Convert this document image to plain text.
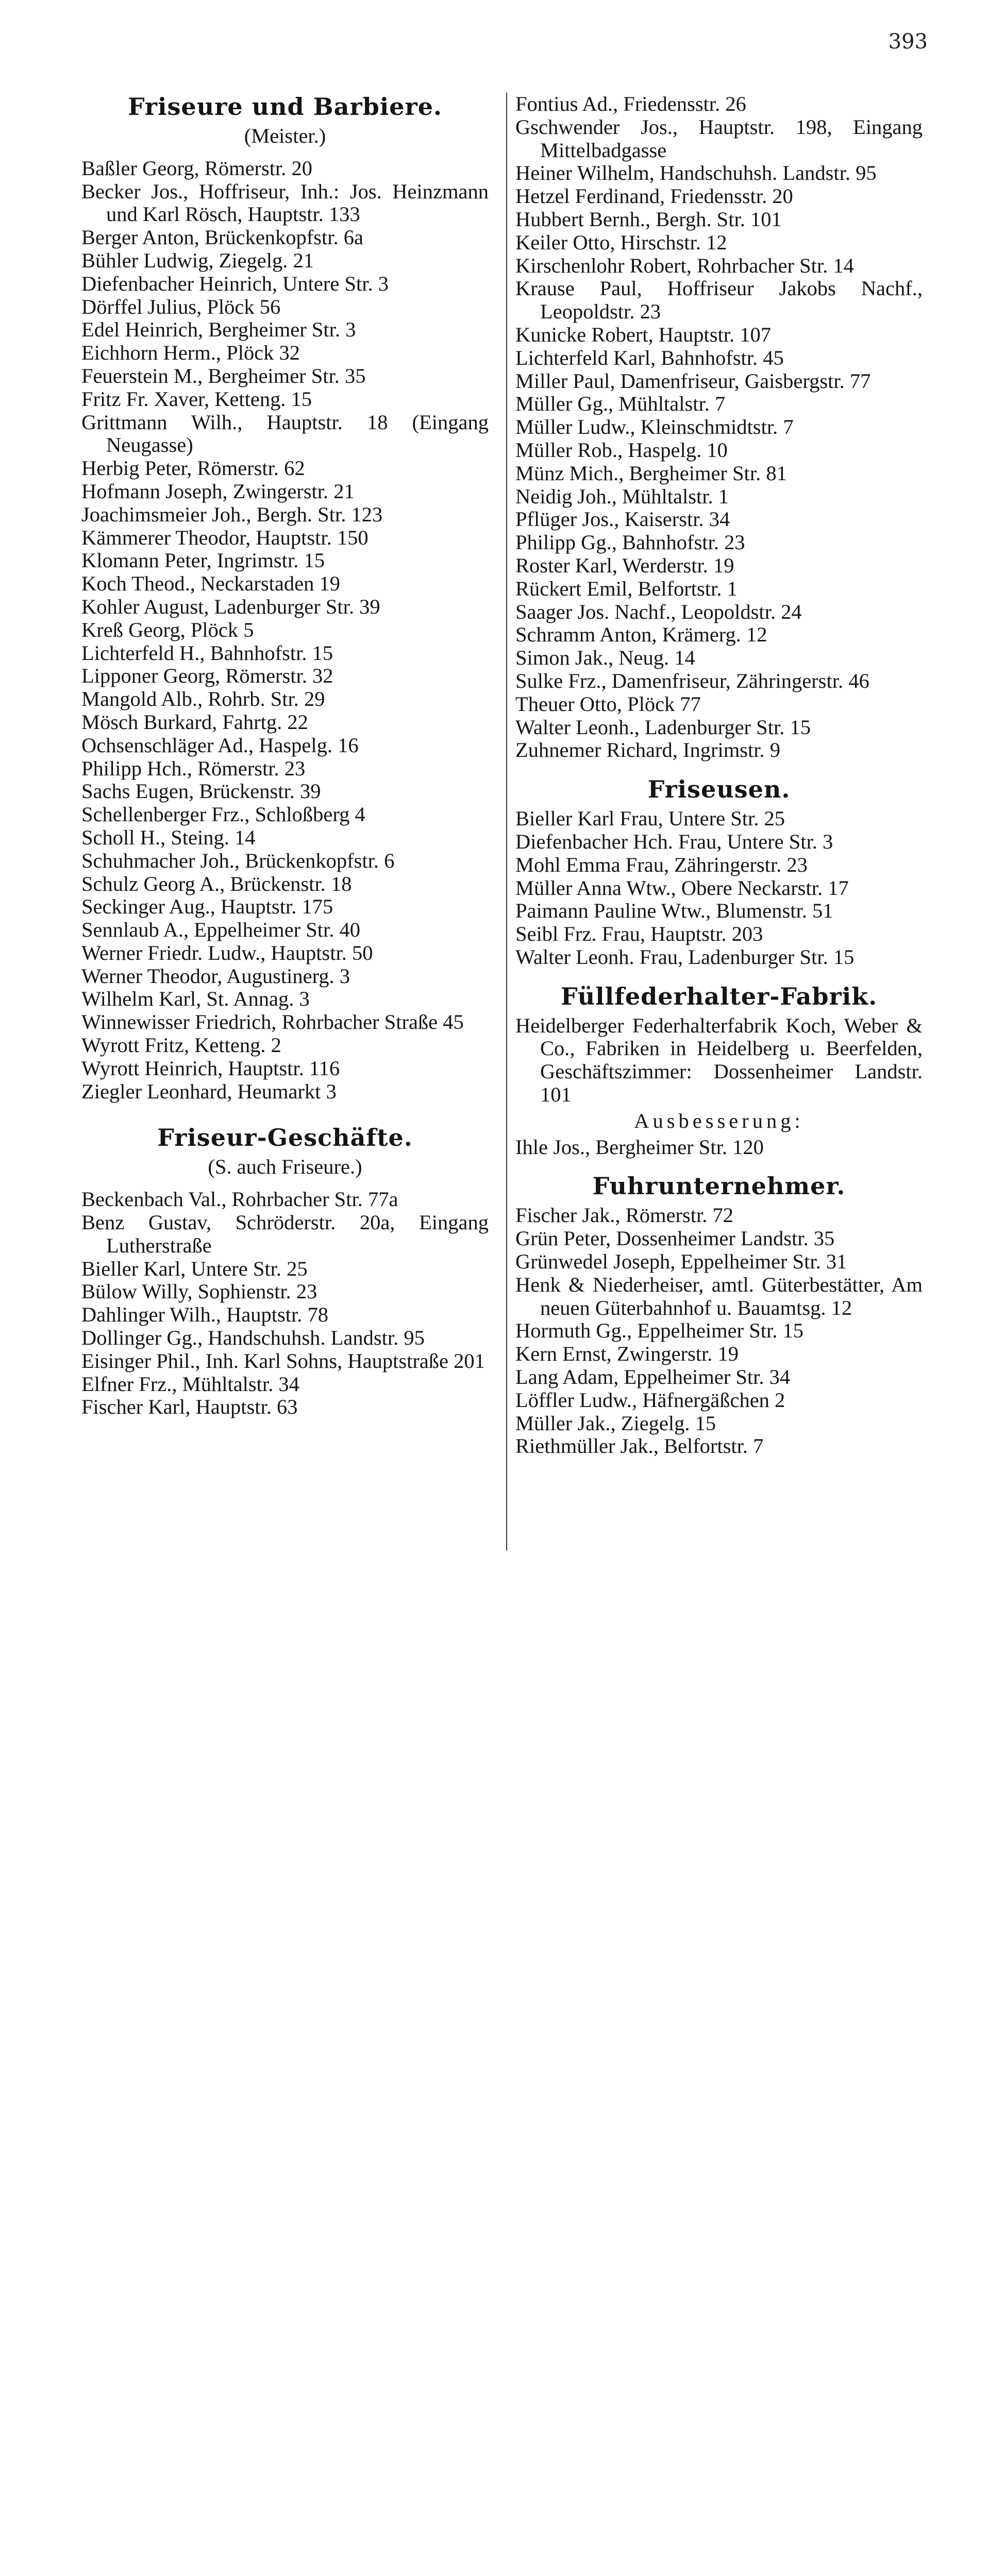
393
Friseure und Barbiere.
(Meister.)
Baßler Georg, Römerstr. 20
Becker Jos., Hoffriseur, Inh.: Jos. Heinzmann und Karl Rösch, Hauptstr. 133
Berger Anton, Brückenkopfstr. 6a
Bühler Ludwig, Ziegelg. 21
Diefenbacher Heinrich, Untere Str. 3
Dörffel Julius, Plöck 56
Edel Heinrich, Bergheimer Str. 3
Eichhorn Herm., Plöck 32
Feuerstein M., Bergheimer Str. 35
Fritz Fr. Xaver, Ketteng. 15
Grittmann Wilh., Hauptstr. 18 (Eingang Neugasse)
Herbig Peter, Römerstr. 62
Hofmann Joseph, Zwingerstr. 21
Joachimsmeier Joh., Bergh. Str. 123
Kämmerer Theodor, Hauptstr. 150
Klomann Peter, Ingrimstr. 15
Koch Theod., Neckarstaden 19
Kohler August, Ladenburger Str. 39
Kreß Georg, Plöck 5
Lichterfeld H., Bahnhofstr. 15
Lipponer Georg, Römerstr. 32
Mangold Alb., Rohrb. Str. 29
Mösch Burkard, Fahrtg. 22
Ochsenschläger Ad., Haspelg. 16
Philipp Hch., Römerstr. 23
Sachs Eugen, Brückenstr. 39
Schellenberger Frz., Schloßberg 4
Scholl H., Steing. 14
Schuhmacher Joh., Brückenkopfstr. 6
Schulz Georg A., Brückenstr. 18
Seckinger Aug., Hauptstr. 175
Sennlaub A., Eppelheimer Str. 40
Werner Friedr. Ludw., Hauptstr. 50
Werner Theodor, Augustinerg. 3
Wilhelm Karl, St. Annag. 3
Winnewisser Friedrich, Rohrbacher Straße 45
Wyrott Fritz, Ketteng. 2
Wyrott Heinrich, Hauptstr. 116
Ziegler Leonhard, Heumarkt 3
Friseur-Geschäfte.
(S. auch Friseure.)
Beckenbach Val., Rohrbacher Str. 77a
Benz Gustav, Schröderstr. 20a, Eingang Lutherstraße
Bieller Karl, Untere Str. 25
Bülow Willy, Sophienstr. 23
Dahlinger Wilh., Hauptstr. 78
Dollinger Gg., Handschuhsh. Landstr. 95
Eisinger Phil., Inh. Karl Sohns, Hauptstraße 201
Elfner Frz., Mühltalstr. 34
Fischer Karl, Hauptstr. 63
Fontius Ad., Friedensstr. 26
Gschwender Jos., Hauptstr. 198, Eingang Mittelbadgasse
Heiner Wilhelm, Handschuhsh. Landstr. 95
Hetzel Ferdinand, Friedensstr. 20
Hubbert Bernh., Bergh. Str. 101
Keiler Otto, Hirschstr. 12
Kirschenlohr Robert, Rohrbacher Str. 14
Krause Paul, Hoffriseur Jakobs Nachf., Leopoldstr. 23
Kunicke Robert, Hauptstr. 107
Lichterfeld Karl, Bahnhofstr. 45
Miller Paul, Damenfriseur, Gaisbergstr. 77
Müller Gg., Mühltalstr. 7
Müller Ludw., Kleinschmidtstr. 7
Müller Rob., Haspelg. 10
Münz Mich., Bergheimer Str. 81
Neidig Joh., Mühltalstr. 1
Pflüger Jos., Kaiserstr. 34
Philipp Gg., Bahnhofstr. 23
Roster Karl, Werderstr. 19
Rückert Emil, Belfortstr. 1
Saager Jos. Nachf., Leopoldstr. 24
Schramm Anton, Krämerg. 12
Simon Jak., Neug. 14
Sulke Frz., Damenfriseur, Zähringerstr. 46
Theuer Otto, Plöck 77
Walter Leonh., Ladenburger Str. 15
Zuhnemer Richard, Ingrimstr. 9
Friseusen.
Bieller Karl Frau, Untere Str. 25
Diefenbacher Hch. Frau, Untere Str. 3
Mohl Emma Frau, Zähringerstr. 23
Müller Anna Wtw., Obere Neckarstr. 17
Paimann Pauline Wtw., Blumenstr. 51
Seibl Frz. Frau, Hauptstr. 203
Walter Leonh. Frau, Ladenburger Str. 15
Füllfederhalter-Fabrik.
Heidelberger Federhalterfabrik Koch, Weber & Co., Fabriken in Heidelberg u. Beerfelden, Geschäftszimmer: Dossenheimer Landstr. 101
Ausbesserung:
Ihle Jos., Bergheimer Str. 120
Fuhrunternehmer.
Fischer Jak., Römerstr. 72
Grün Peter, Dossenheimer Landstr. 35
Grünwedel Joseph, Eppelheimer Str. 31
Henk & Niederheiser, amtl. Güterbestätter, Am neuen Güterbahnhof u. Bauamtsg. 12
Hormuth Gg., Eppelheimer Str. 15
Kern Ernst, Zwingerstr. 19
Lang Adam, Eppelheimer Str. 34
Löffler Ludw., Häfnergäßchen 2
Müller Jak., Ziegelg. 15
Riethmüller Jak., Belfortstr. 7
